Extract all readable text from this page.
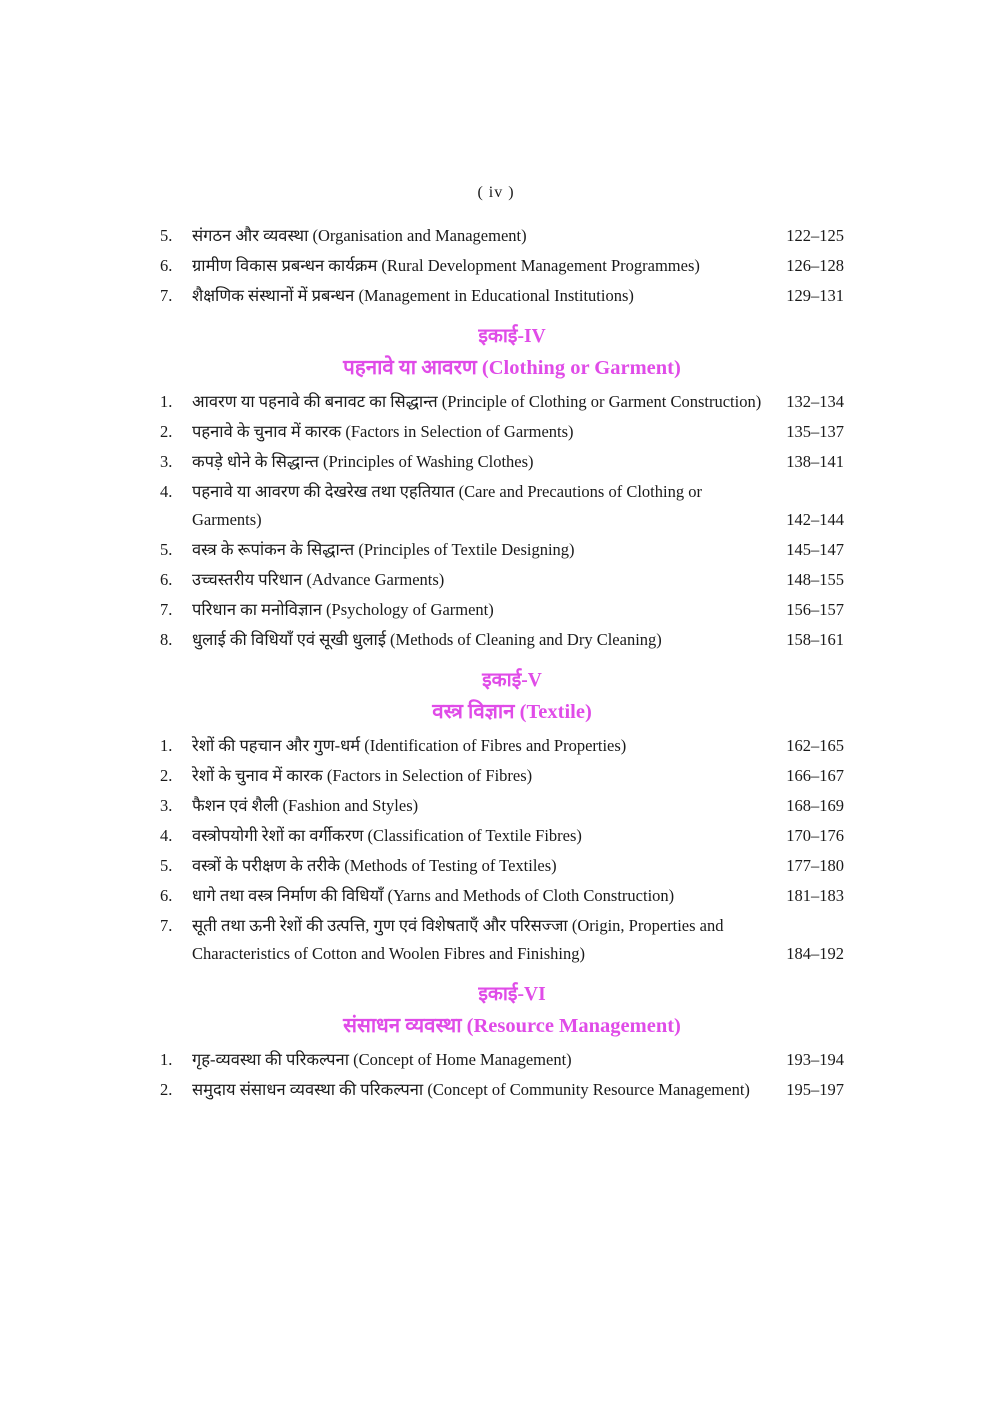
( iv )
5.	संगठन और व्यवस्था (Organisation and Management)	122–125
6.	ग्रामीण विकास प्रबन्धन कार्यक्रम (Rural Development Management Programmes)	126–128
7.	शैक्षणिक संस्थानों में प्रबन्धन (Management in Educational Institutions)	129–131
इकाई-IV
पहनावे या आवरण (Clothing or Garment)
1.	आवरण या पहनावे की बनावट का सिद्धान्त (Principle of Clothing or Garment Construction)	132–134
2.	पहनावे के चुनाव में कारक (Factors in Selection of Garments)	135–137
3.	कपड़े धोने के सिद्धान्त (Principles of Washing Clothes)	138–141
4.	पहनावे या आवरण की देखरेख तथा एहतियात (Care and Precautions of Clothing or Garments)	142–144
5.	वस्त्र के रूपांकन के सिद्धान्त (Principles of Textile Designing)	145–147
6.	उच्चस्तरीय परिधान (Advance Garments)	148–155
7.	परिधान का मनोविज्ञान (Psychology of Garment)	156–157
8.	धुलाई की विधियाँ एवं सूखी धुलाई (Methods of Cleaning and Dry Cleaning)	158–161
इकाई-V
वस्त्र विज्ञान (Textile)
1.	रेशों की पहचान और गुण-धर्म (Identification of Fibres and Properties)	162–165
2.	रेशों के चुनाव में कारक (Factors in Selection of Fibres)	166–167
3.	फैशन एवं शैली (Fashion and Styles)	168–169
4.	वस्त्रोपयोगी रेशों का वर्गीकरण (Classification of Textile Fibres)	170–176
5.	वस्त्रों के परीक्षण के तरीके (Methods of Testing of Textiles)	177–180
6.	धागे तथा वस्त्र निर्माण की विधियाँ (Yarns and Methods of Cloth Construction)	181–183
7.	सूती तथा ऊनी रेशों की उत्पत्ति, गुण एवं विशेषताएँ और परिसज्जा (Origin, Properties and Characteristics of Cotton and Woolen Fibres and Finishing)	184–192
इकाई-VI
संसाधन व्यवस्था (Resource Management)
1.	गृह-व्यवस्था की परिकल्पना (Concept of Home Management)	193–194
2.	समुदाय संसाधन व्यवस्था की परिकल्पना (Concept of Community Resource Management)	195–197
